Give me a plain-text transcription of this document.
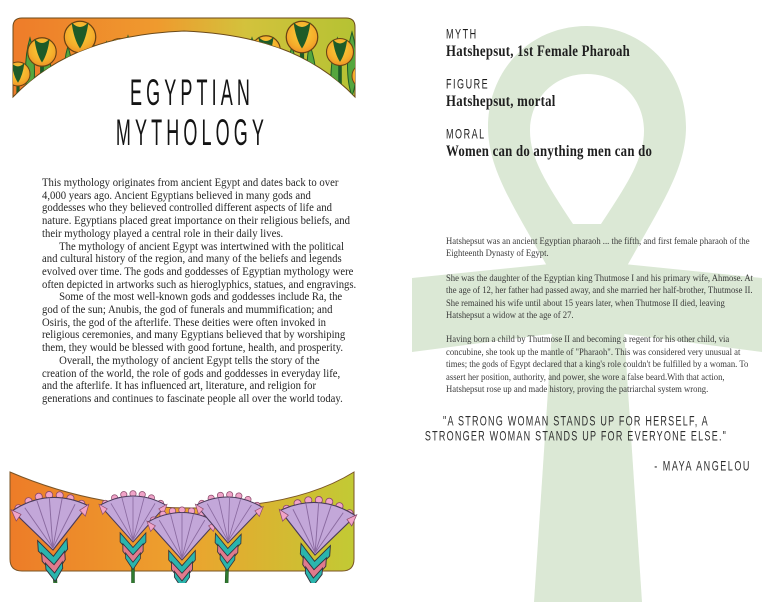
EGYPTIAN
MYTHOLOGY

This mythology originates from ancient Egypt and dates back to over 4,000 years ago. Ancient Egyptians believed in many gods and goddesses who they believed controlled different aspects of life and nature. Egyptians placed great importance on their religious beliefs, and their mythology played a central role in their daily lives.

The mythology of ancient Egypt was intertwined with the political and cultural history of the region, and many of the beliefs and legends evolved over time. The gods and goddesses of Egyptian mythology were often depicted in artworks such as hieroglyphics, statues, and engravings.

Some of the most well-known gods and goddesses include Ra, the god of the sun; Anubis, the god of funerals and mummification; and Osiris, the god of the afterlife. These deities were often invoked in religious ceremonies, and many Egyptians believed that by worshiping them, they would be blessed with good fortune, health, and prosperity.

Overall, the mythology of ancient Egypt tells the story of the creation of the world, the role of gods and goddesses in everyday life, and the afterlife. It has influenced art, literature, and religion for generations and continues to fascinate people all over the world today.

MYTH
Hatshepsut, 1st Female Pharoah
FIGURE
Hatshepsut, mortal
MORAL
Women can do anything men can do

Hatshepsut was an ancient Egyptian pharaoh ... the fifth, and first female pharaoh of the Eighteenth Dynasty of Egypt.

She was the daughter of the Egyptian king Thutmose I and his primary wife, Ahmose. At the age of 12, her father had passed away, and she married her half-brother, Thutmose II. She remained his wife until about 15 years later, when Thutmose II died, leaving Hatshepsut a widow at the age of 27.

Having born a child by Thutmose II and becoming a regent for his other child, via concubine, she took up the mantle of "Pharaoh". This was considered very unusual at times; the gods of Egypt declared that a king's role couldn't be fulfilled by a woman. To assert her position, authority, and power, she wore a false beard.With that action, Hatshepsut rose up and made history, proving the patriarchal system wrong.

"A STRONG WOMAN STANDS UP FOR HERSELF, A
STRONGER WOMAN STANDS UP FOR EVERYONE ELSE."
- MAYA ANGELOU
